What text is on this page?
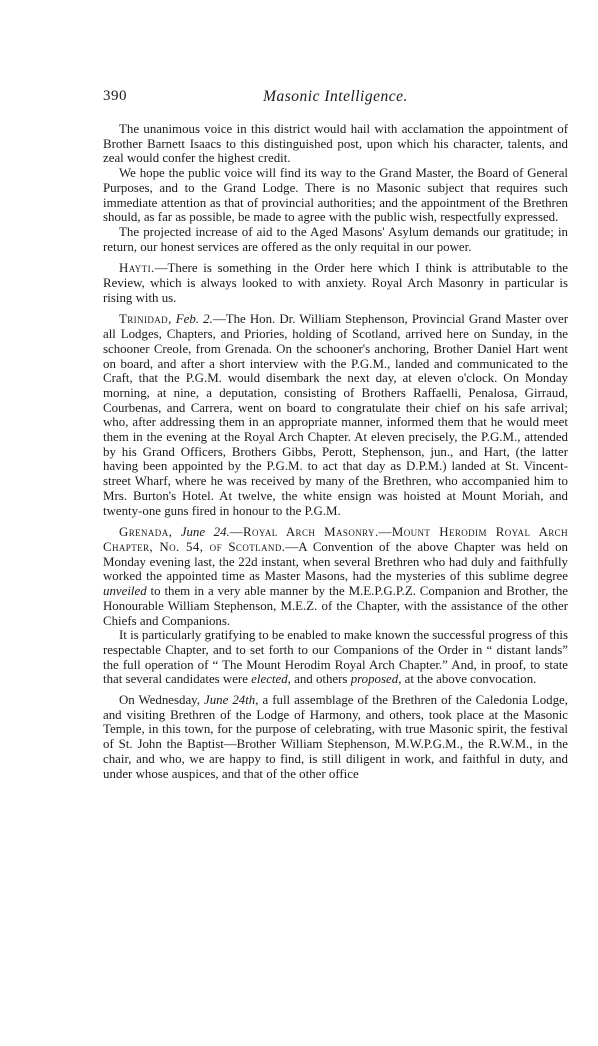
390	Masonic Intelligence.

The unanimous voice in this district would hail with acclamation the appointment of Brother Barnett Isaacs to this distinguished post, upon which his character, talents, and zeal would confer the highest credit.

We hope the public voice will find its way to the Grand Master, the Board of General Purposes, and to the Grand Lodge. There is no Masonic subject that requires such immediate attention as that of provincial authorities; and the appointment of the Brethren should, as far as possible, be made to agree with the public wish, respectfully expressed.

The projected increase of aid to the Aged Masons' Asylum demands our gratitude; in return, our honest services are offered as the only requital in our power.

Hayti.—There is something in the Order here which I think is attributable to the Review, which is always looked to with anxiety. Royal Arch Masonry in particular is rising with us.

Trinidad, Feb. 2.—The Hon. Dr. William Stephenson, Provincial Grand Master over all Lodges, Chapters, and Priories, holding of Scotland, arrived here on Sunday, in the schooner Creole, from Grenada. On the schooner's anchoring, Brother Daniel Hart went on board, and after a short interview with the P.G.M., landed and communicated to the Craft, that the P.G.M. would disembark the next day, at eleven o'clock. On Monday morning, at nine, a deputation, consisting of Brothers Raffaelli, Penalosa, Girraud, Courbenas, and Carrera, went on board to congratulate their chief on his safe arrival; who, after addressing them in an appropriate manner, informed them that he would meet them in the evening at the Royal Arch Chapter. At eleven precisely, the P.G.M., attended by his Grand Officers, Brothers Gibbs, Perott, Stephenson, jun., and Hart, (the latter having been appointed by the P.G.M. to act that day as D.P.M.) landed at St. Vincent-street Wharf, where he was received by many of the Brethren, who accompanied him to Mrs. Burton's Hotel. At twelve, the white ensign was hoisted at Mount Moriah, and twenty-one guns fired in honour to the P.G.M.

Grenada, June 24.—Royal Arch Masonry.—Mount Herodim Royal Arch Chapter, No. 54, of Scotland.—A Convention of the above Chapter was held on Monday evening last, the 22d instant, when several Brethren who had duly and faithfully worked the appointed time as Master Masons, had the mysteries of this sublime degree unveiled to them in a very able manner by the M.E.P.G.P.Z. Companion and Brother, the Honourable William Stephenson, M.E.Z. of the Chapter, with the assistance of the other Chiefs and Companions.

It is particularly gratifying to be enabled to make known the successful progress of this respectable Chapter, and to set forth to our Companions of the Order in “ distant lands” the full operation of “ The Mount Herodim Royal Arch Chapter.” And, in proof, to state that several candidates were elected, and others proposed, at the above convocation.

On Wednesday, June 24th, a full assemblage of the Brethren of the Caledonia Lodge, and visiting Brethren of the Lodge of Harmony, and others, took place at the Masonic Temple, in this town, for the purpose of celebrating, with true Masonic spirit, the festival of St. John the Baptist—Brother William Stephenson, M.W.P.G.M., the R.W.M., in the chair, and who, we are happy to find, is still diligent in work, and faithful in duty, and under whose auspices, and that of the other office
